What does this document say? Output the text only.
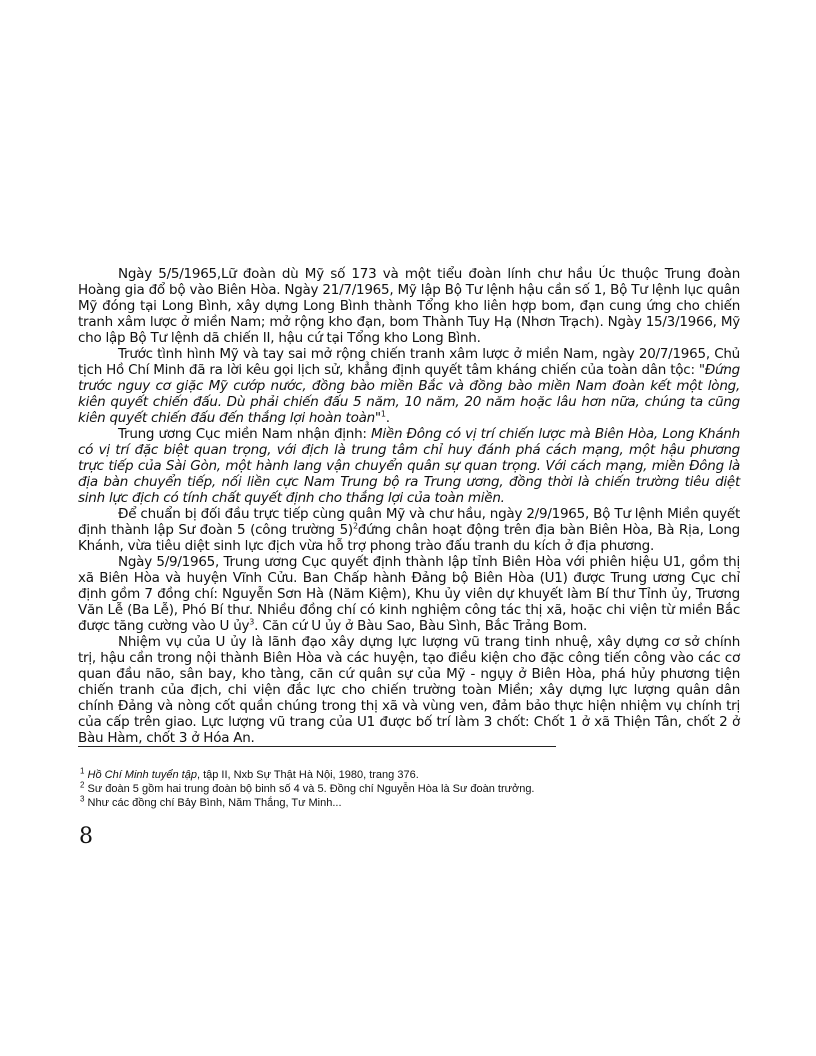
Ngày 5/5/1965,Lữ đoàn dù Mỹ số 173 và một tiểu đoàn lính chư hầu Úc thuộc Trung đoàn Hoàng gia đổ bộ vào Biên Hòa. Ngày 21/7/1965, Mỹ lập Bộ Tư lệnh hậu cần số 1, Bộ Tư lệnh lục quân Mỹ đóng tại Long Bình, xây dựng Long Bình thành Tổng kho liên hợp bom, đạn cung ứng cho chiến tranh xâm lược ở miền Nam; mở rộng kho đạn, bom Thành Tuy Hạ (Nhơn Trạch). Ngày 15/3/1966, Mỹ cho lập Bộ Tư lệnh dã chiến II, hậu cứ tại Tổng kho Long Bình.

Trước tình hình Mỹ và tay sai mở rộng chiến tranh xâm lược ở miền Nam, ngày 20/7/1965, Chủ tịch Hồ Chí Minh đã ra lời kêu gọi lịch sử, khẳng định quyết tâm kháng chiến của toàn dân tộc: "Đứng trước nguy cơ giặc Mỹ cướp nước, đồng bào miền Bắc và đồng bào miền Nam đoàn kết một lòng, kiên quyết chiến đấu. Dù phải chiến đấu 5 năm, 10 năm, 20 năm hoặc lâu hơn nữa, chúng ta cũng kiên quyết chiến đấu đến thắng lợi hoàn toàn"$^1$.

Trung ương Cục miền Nam nhận định: Miền Đông có vị trí chiến lược mà Biên Hòa, Long Khánh có vị trí đặc biệt quan trọng, với địch là trung tâm chỉ huy đánh phá cách mạng, một hậu phương trực tiếp của Sài Gòn, một hành lang vận chuyển quân sự quan trọng. Với cách mạng, miền Đông là địa bàn chuyển tiếp, nối liền cực Nam Trung bộ ra Trung ương, đồng thời là chiến trường tiêu diệt sinh lực địch có tính chất quyết định cho thắng lợi của toàn miền.

Để chuẩn bị đối đầu trực tiếp cùng quân Mỹ và chư hầu, ngày 2/9/1965, Bộ Tư lệnh Miền quyết định thành lập Sư đoàn 5 (công trường 5)$^2$đứng chân hoạt động trên địa bàn Biên Hòa, Bà Rịa, Long Khánh, vừa tiêu diệt sinh lực địch vừa hỗ trợ phong trào đấu tranh du kích ở địa phương.

Ngày 5/9/1965, Trung ương Cục quyết định thành lập tỉnh Biên Hòa với phiên hiệu U1, gồm thị xã Biên Hòa và huyện Vĩnh Cửu. Ban Chấp hành Đảng bộ Biên Hòa (U1) được Trung ương Cục chỉ định gồm 7 đồng chí: Nguyễn Sơn Hà (Năm Kiệm), Khu ủy viên dự khuyết làm Bí thư Tỉnh ủy, Trương Văn Lễ (Ba Lễ), Phó Bí thư. Nhiều đồng chí có kinh nghiệm công tác thị xã, hoặc chi viện từ miền Bắc được tăng cường vào U ủy$^3$. Căn cứ U ủy ở Bàu Sao, Bàu Sình, Bắc Trảng Bom.

Nhiệm vụ của U ủy là lãnh đạo xây dựng lực lượng vũ trang tinh nhuệ, xây dựng cơ sở chính trị, hậu cần trong nội thành Biên Hòa và các huyện, tạo điều kiện cho đặc công tiến công vào các cơ quan đầu não, sân bay, kho tàng, căn cứ quân sự của Mỹ - ngụy ở Biên Hòa, phá hủy phương tiện chiến tranh của địch, chi viện đắc lực cho chiến trường toàn Miền; xây dựng lực lượng quân dân chính Đảng và nòng cốt quần chúng trong thị xã và vùng ven, đảm bảo thực hiện nhiệm vụ chính trị của cấp trên giao. Lực lượng vũ trang của U1 được bố trí làm 3 chốt: Chốt 1 ở xã Thiện Tân, chốt 2 ở Bàu Hàm, chốt 3 ở Hóa An.

$^1$ Hồ Chí Minh tuyển tập, tập II, Nxb Sự Thật Hà Nội, 1980, trang 376.
$^2$ Sư đoàn 5 gồm hai trung đoàn bộ binh số 4 và 5. Đồng chí Nguyễn Hòa là Sư đoàn trưởng.
$^3$ Như các đồng chí Bảy Bình, Năm Thắng, Tư Minh...
8
